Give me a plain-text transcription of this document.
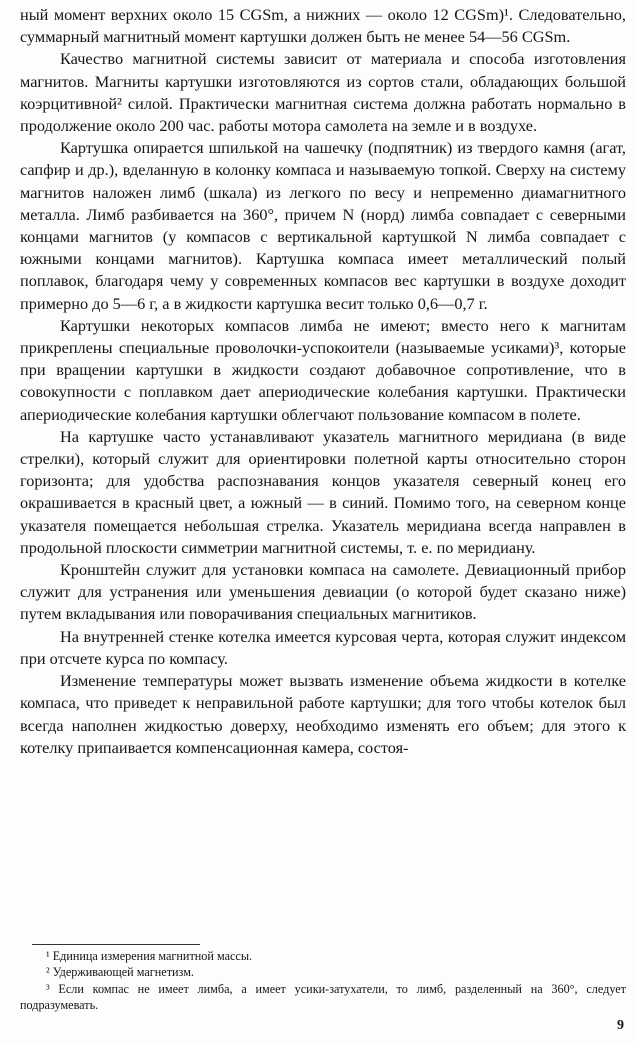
ный момент верхних около 15 CGSm, а нижних — около 12 CGSm)¹. Следовательно, суммарный магнитный момент картушки должен быть не менее 54—56 CGSm.

Качество магнитной системы зависит от материала и способа изготовления магнитов. Магниты картушки изготовляются из сортов стали, обладающих большой коэрцитивной² силой. Практически магнитная система должна работать нормально в продолжение около 200 час. работы мотора самолета на земле и в воздухе.

Картушка опирается шпилькой на чашечку (подпятник) из твердого камня (агат, сапфир и др.), вделанную в колонку компаса и называемую топкой. Сверху на систему магнитов наложен лимб (шкала) из легкого по весу и непременно диамагнитного металла. Лимб разбивается на 360°, причем N (норд) лимба совпадает с северными концами магнитов (у компасов с вертикальной картушкой N лимба совпадает с южными концами магнитов). Картушка компаса имеет металлический полый поплавок, благодаря чему у современных компасов вес картушки в воздухе доходит примерно до 5—6 г, а в жидкости картушка весит только 0,6—0,7 г.

Картушки некоторых компасов лимба не имеют; вместо него к магнитам прикреплены специальные проволочки-успокоители (называемые усиками)³, которые при вращении картушки в жидкости создают добавочное сопротивление, что в совокупности с поплавком дает апериодические колебания картушки. Практически апериодические колебания картушки облегчают пользование компасом в полете.

На картушке часто устанавливают указатель магнитного меридиана (в виде стрелки), который служит для ориентировки полетной карты относительно сторон горизонта; для удобства распознавания концов указателя северный конец его окрашивается в красный цвет, а южный — в синий. Помимо того, на северном конце указателя помещается небольшая стрелка. Указатель меридиана всегда направлен в продольной плоскости симметрии магнитной системы, т. е. по меридиану.

Кронштейн служит для установки компаса на самолете. Девиационный прибор служит для устранения или уменьшения девиации (о которой будет сказано ниже) путем вкладывания или поворачивания специальных магнитиков.

На внутренней стенке котелка имеется курсовая черта, которая служит индексом при отсчете курса по компасу.

Изменение температуры может вызвать изменение объема жидкости в котелке компаса, что приведет к неправильной работе картушки; для того чтобы котелок был всегда наполнен жидкостью доверху, необходимо изменять его объем; для этого к котелку припаивается компенсационная камера, состоя-

¹ Единица измерения магнитной массы.

² Удерживающей магнетизм.

³ Если компас не имеет лимба, а имеет усики-затухатели, то лимб, разделенный на 360°, следует подразумевать.

9
